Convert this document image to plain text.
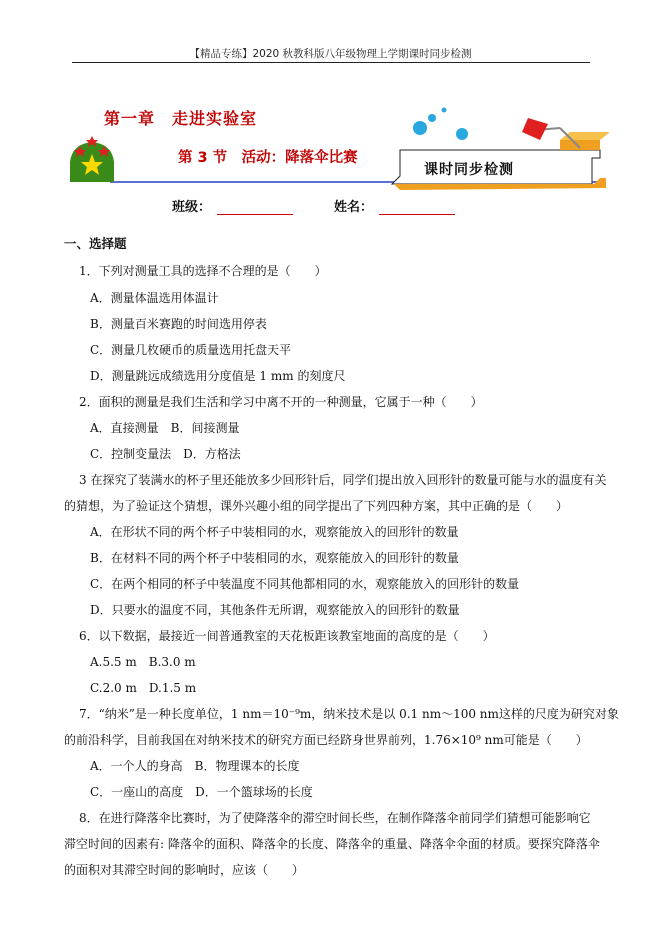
【精品专练】2020 秋教科版八年级物理上学期课时同步检测
第一章　走进实验室
第 3 节　活动：降落伞比赛
课时同步检测
班级：	姓名：
一、选择题
1．下列对测量工具的选择不合理的是（　　）
A．测量体温选用体温计
B．测量百米赛跑的时间选用停表
C．测量几枚硬币的质量选用托盘天平
D．测量跳远成绩选用分度值是 1 mm 的刻度尺
2．面积的测量是我们生活和学习中离不开的一种测量，它属于一种（　　）
A．直接测量　B．间接测量
C．控制变量法　D．方格法
3 在探究了装满水的杯子里还能放多少回形针后，同学们提出放入回形针的数量可能与水的温度有关
的猜想，为了验证这个猜想，课外兴趣小组的同学提出了下列四种方案，其中正确的是（　　）
A．在形状不同的两个杯子中装相同的水，观察能放入的回形针的数量
B．在材料不同的两个杯子中装相同的水，观察能放入的回形针的数量
C．在两个相同的杯子中装温度不同其他都相同的水，观察能放入的回形针的数量
D．只要水的温度不同，其他条件无所谓，观察能放入的回形针的数量
6．以下数据，最接近一间普通教室的天花板距该教室地面的高度的是（　　）
A.5.5 m　B.3.0 m
C.2.0 m　D.1.5 m
7．“纳米”是一种长度单位，1 nm＝10⁻⁹m，纳米技术是以 0.1 nm～100 nm这样的尺度为研究对象
的前沿科学，目前我国在对纳米技术的研究方面已经跻身世界前列，1.76×10⁹ nm可能是（　　）
A．一个人的身高　B．物理课本的长度
C．一座山的高度　D．一个篮球场的长度
8．在进行降落伞比赛时，为了使降落伞的滞空时间长些，在制作降落伞前同学们猜想可能影响它
滞空时间的因素有: 降落伞的面积、降落伞的长度、降落伞的重量、降落伞伞面的材质。要探究降落伞
的面积对其滞空时间的影响时，应该（　　）
